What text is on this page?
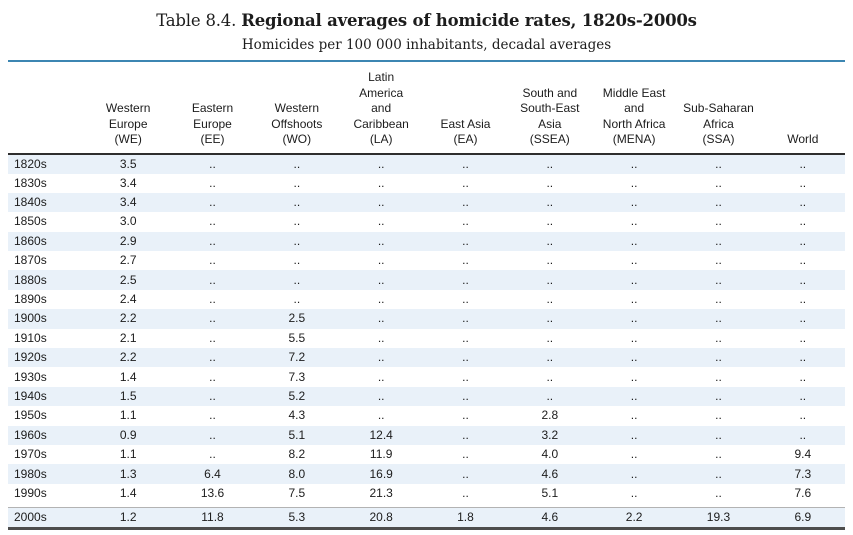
Table 8.4. Regional averages of homicide rates, 1820s-2000s
Homicides per 100 000 inhabitants, decadal averages
	Western
Europe
(WE)	Eastern
Europe
(EE)	Western
Offshoots
(WO)	Latin
America
and
Caribbean
(LA)	East Asia
(EA)	South and
South-East
Asia
(SSEA)	Middle East
and
North Africa
(MENA)	Sub-Saharan
Africa
(SSA)	World
1820s	3.5	..	..	..	..	..	..	..	..
1830s	3.4	..	..	..	..	..	..	..	..
1840s	3.4	..	..	..	..	..	..	..	..
1850s	3.0	..	..	..	..	..	..	..	..
1860s	2.9	..	..	..	..	..	..	..	..
1870s	2.7	..	..	..	..	..	..	..	..
1880s	2.5	..	..	..	..	..	..	..	..
1890s	2.4	..	..	..	..	..	..	..	..
1900s	2.2	..	2.5	..	..	..	..	..	..
1910s	2.1	..	5.5	..	..	..	..	..	..
1920s	2.2	..	7.2	..	..	..	..	..	..
1930s	1.4	..	7.3	..	..	..	..	..	..
1940s	1.5	..	5.2	..	..	..	..	..	..
1950s	1.1	..	4.3	..	..	2.8	..	..	..
1960s	0.9	..	5.1	12.4	..	3.2	..	..	..
1970s	1.1	..	8.2	11.9	..	4.0	..	..	9.4
1980s	1.3	6.4	8.0	16.9	..	4.6	..	..	7.3
1990s	1.4	13.6	7.5	21.3	..	5.1	..	..	7.6

2000s	1.2	11.8	5.3	20.8	1.8	4.6	2.2	19.3	6.9
